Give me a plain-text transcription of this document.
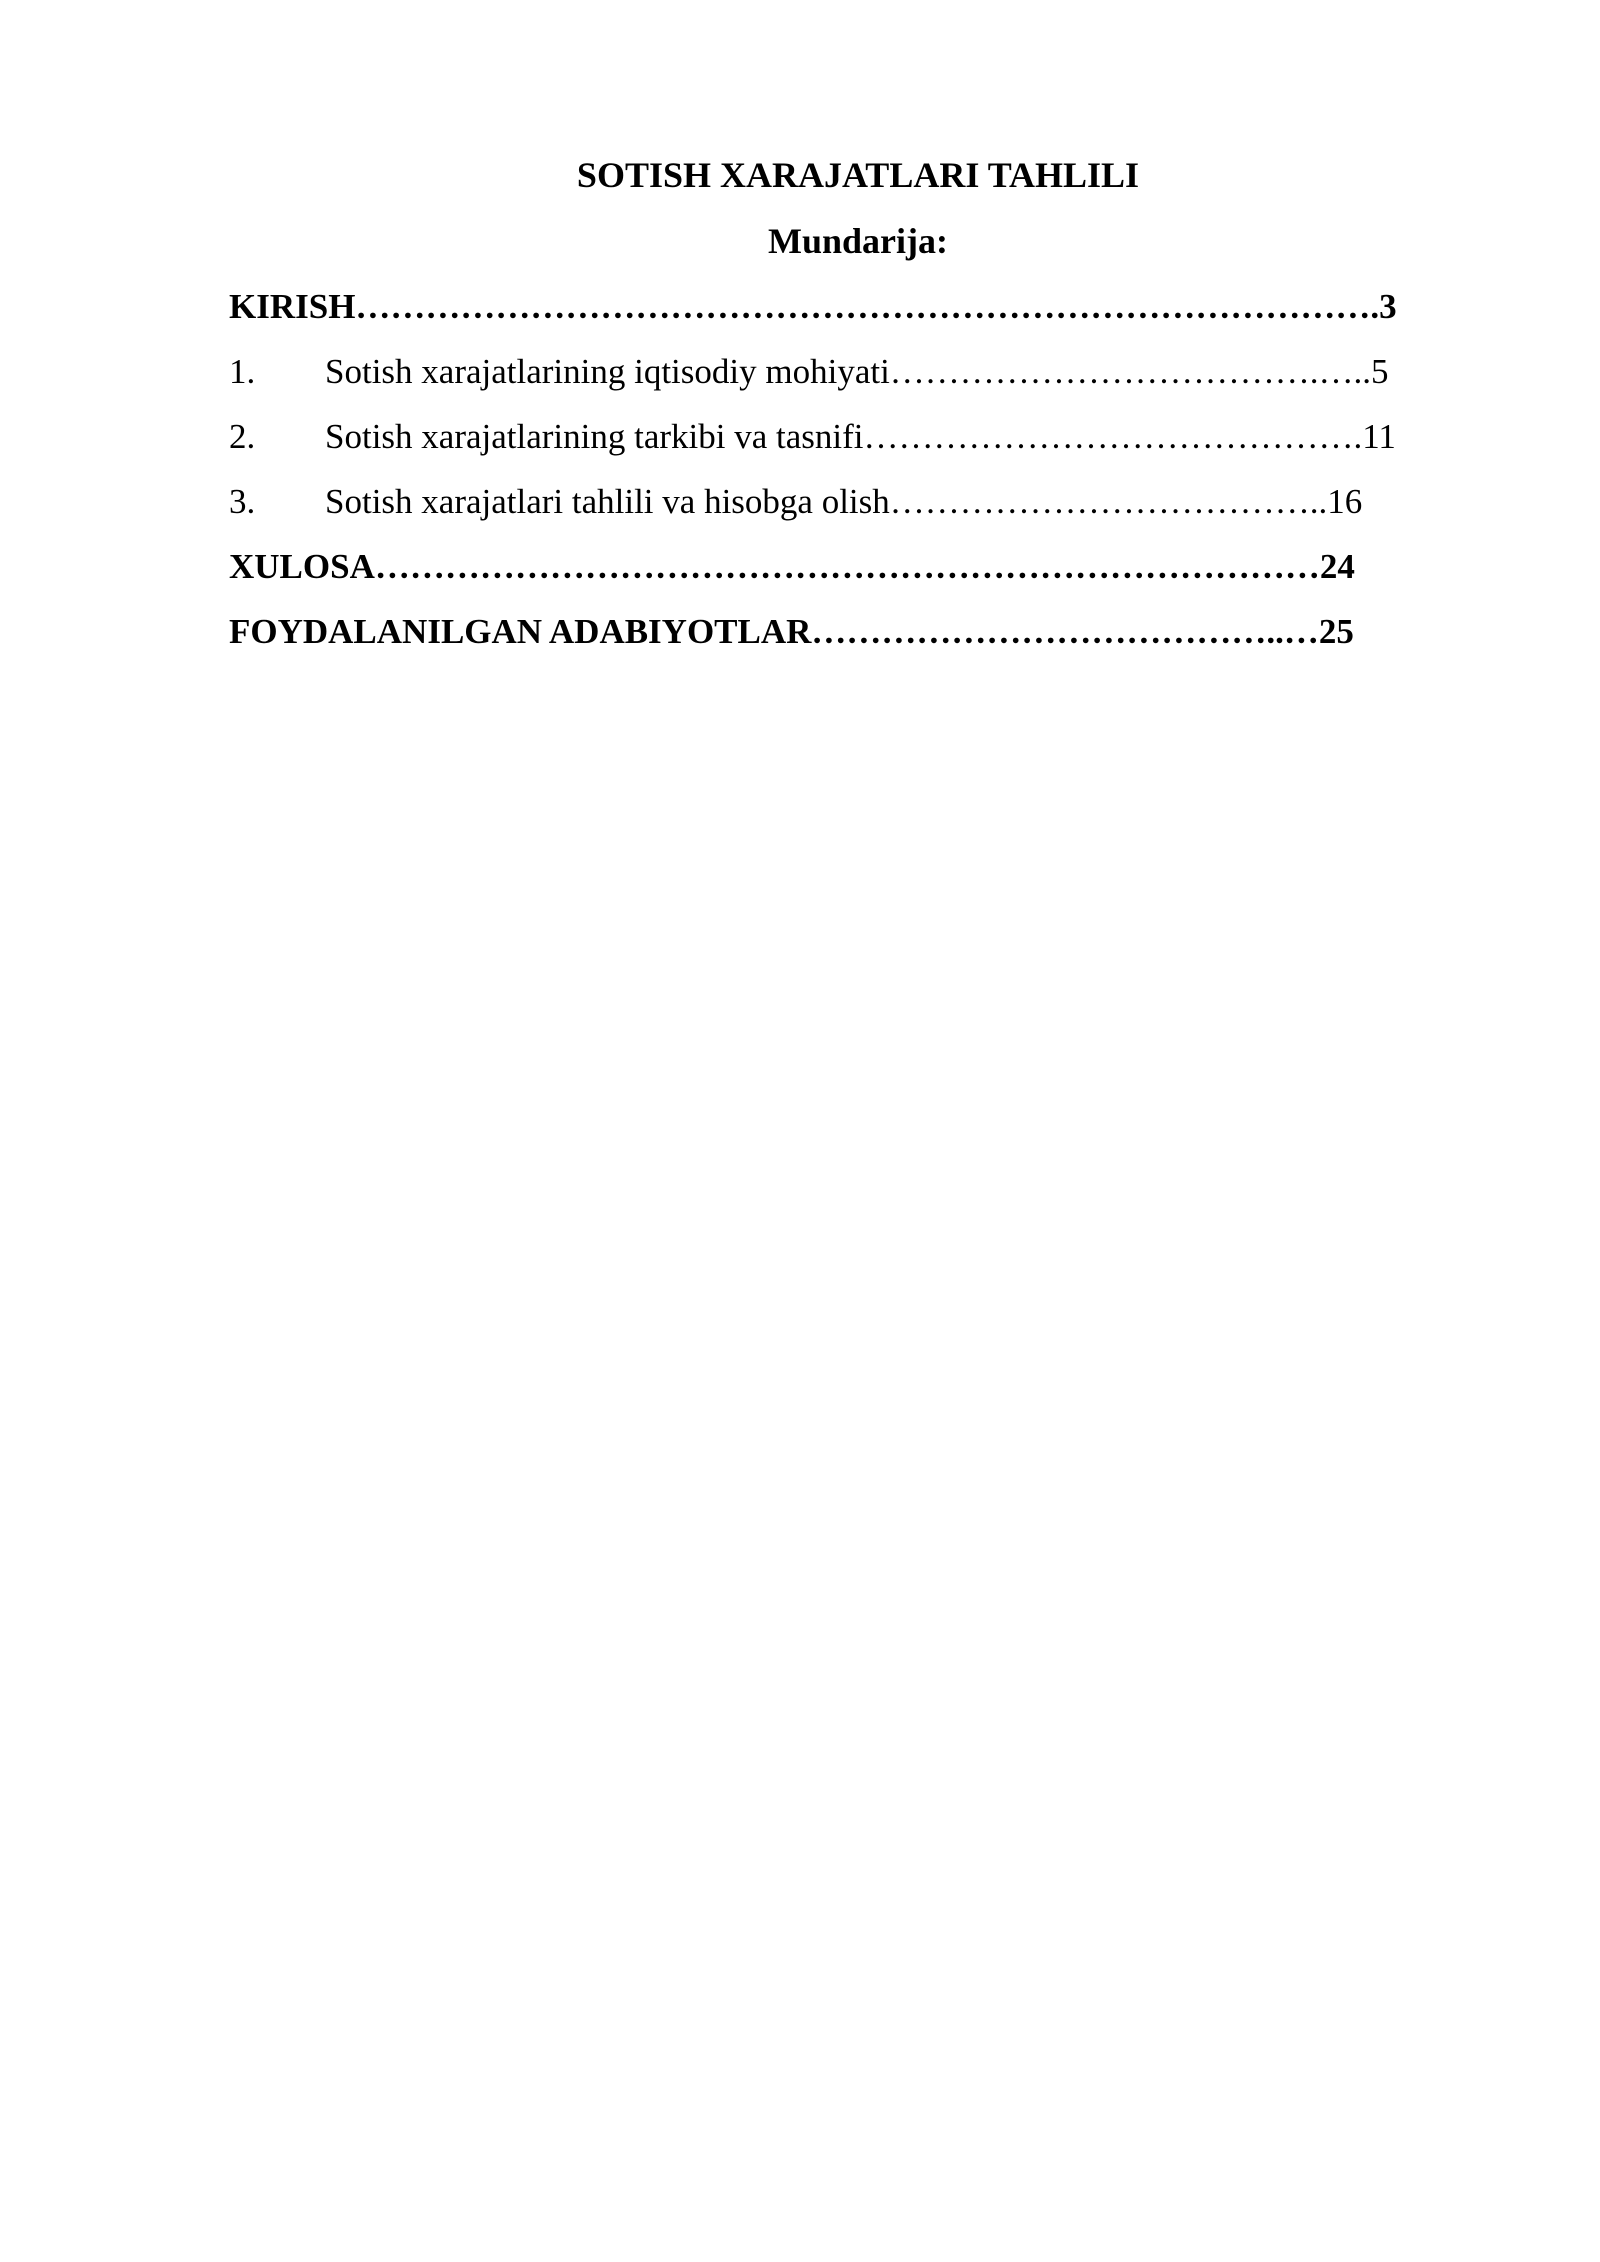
SOTISH XARAJATLARI TAHLILI
Mundarija:
KIRISH…………………………………………………………………………….3
1. Sotish xarajatlarining iqtisodiy mohiyati……………………………….…..5
2. Sotish xarajatlarining tarkibi va tasnifi…………………………………….11
3. Sotish xarajatlari tahlili va hisobga olish………………………………..16
XULOSA………………………………………………………………………24
FOYDALANILGAN ADABIYOTLAR…………………………………..…25
